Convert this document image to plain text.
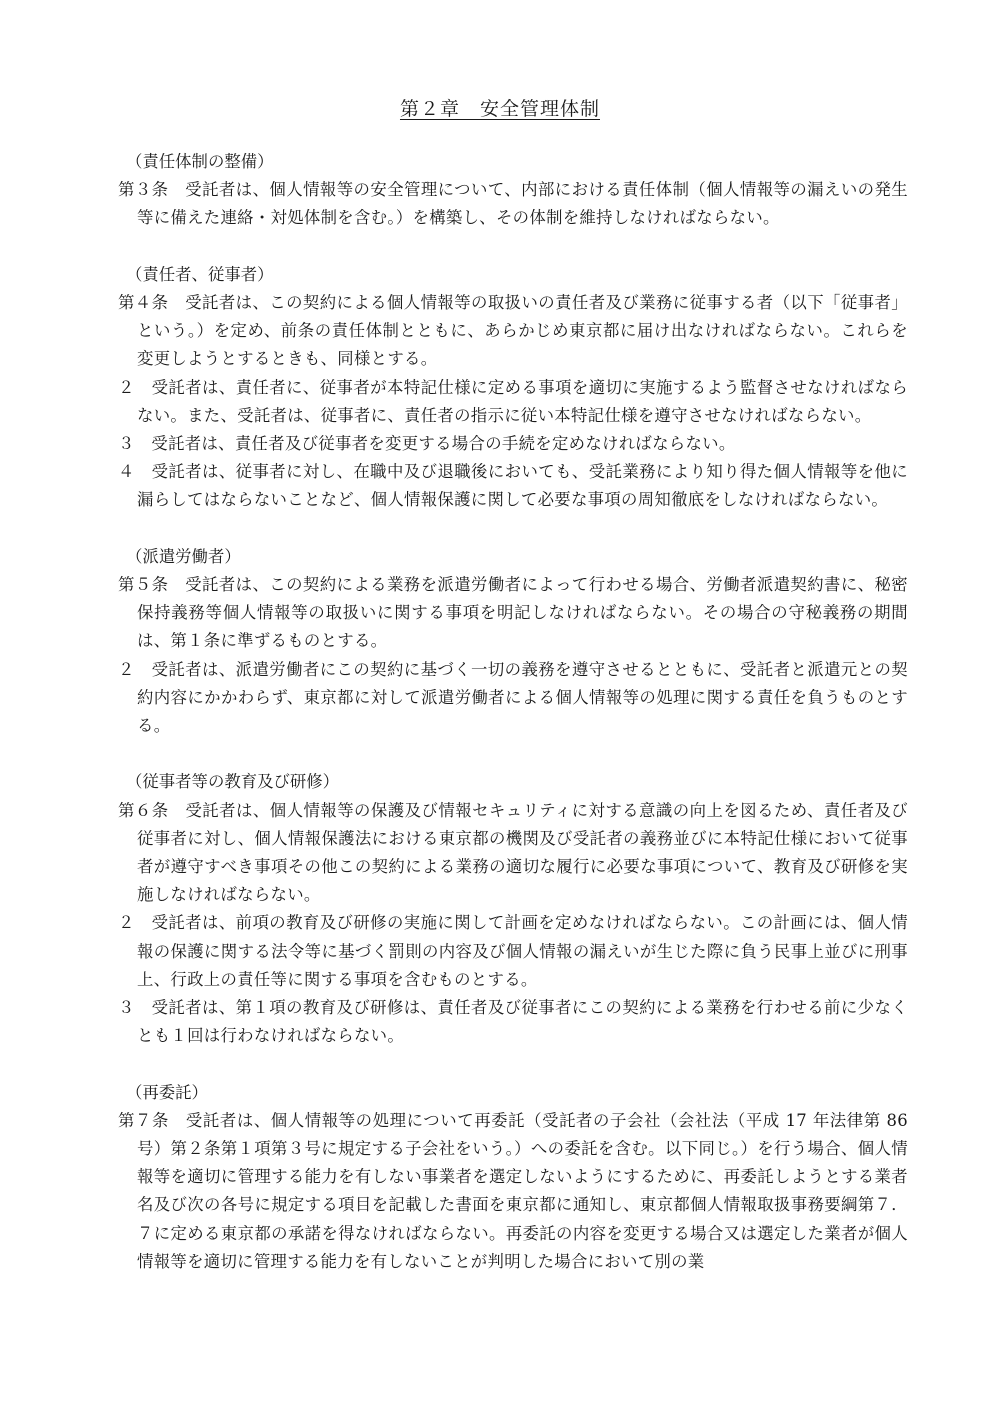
第２章　安全管理体制

（責任体制の整備）

第３条　受託者は、個人情報等の安全管理について、内部における責任体制（個人情報等の漏えいの発生等に備えた連絡・対処体制を含む。）を構築し、その体制を維持しなければならない。

（責任者、従事者）

第４条　受託者は、この契約による個人情報等の取扱いの責任者及び業務に従事する者（以下「従事者」という。）を定め、前条の責任体制とともに、あらかじめ東京都に届け出なければならない。これらを変更しようとするときも、同様とする。

２　受託者は、責任者に、従事者が本特記仕様に定める事項を適切に実施するよう監督させなければならない。また、受託者は、従事者に、責任者の指示に従い本特記仕様を遵守させなければならない。

３　受託者は、責任者及び従事者を変更する場合の手続を定めなければならない。

４　受託者は、従事者に対し、在職中及び退職後においても、受託業務により知り得た個人情報等を他に漏らしてはならないことなど、個人情報保護に関して必要な事項の周知徹底をしなければならない。

（派遣労働者）

第５条　受託者は、この契約による業務を派遣労働者によって行わせる場合、労働者派遣契約書に、秘密保持義務等個人情報等の取扱いに関する事項を明記しなければならない。その場合の守秘義務の期間は、第１条に準ずるものとする。

２　受託者は、派遣労働者にこの契約に基づく一切の義務を遵守させるとともに、受託者と派遣元との契約内容にかかわらず、東京都に対して派遣労働者による個人情報等の処理に関する責任を負うものとする。

（従事者等の教育及び研修）

第６条　受託者は、個人情報等の保護及び情報セキュリティに対する意識の向上を図るため、責任者及び従事者に対し、個人情報保護法における東京都の機関及び受託者の義務並びに本特記仕様において従事者が遵守すべき事項その他この契約による業務の適切な履行に必要な事項について、教育及び研修を実施しなければならない。

２　受託者は、前項の教育及び研修の実施に関して計画を定めなければならない。この計画には、個人情報の保護に関する法令等に基づく罰則の内容及び個人情報の漏えいが生じた際に負う民事上並びに刑事上、行政上の責任等に関する事項を含むものとする。

３　受託者は、第１項の教育及び研修は、責任者及び従事者にこの契約による業務を行わせる前に少なくとも１回は行わなければならない。

（再委託）

第７条　受託者は、個人情報等の処理について再委託（受託者の子会社（会社法（平成 17 年法律第 86 号）第２条第１項第３号に規定する子会社をいう。）への委託を含む。以下同じ。）を行う場合、個人情報等を適切に管理する能力を有しない事業者を選定しないようにするために、再委託しようとする業者名及び次の各号に規定する項目を記載した書面を東京都に通知し、東京都個人情報取扱事務要綱第７．７に定める東京都の承諾を得なければならない。再委託の内容を変更する場合又は選定した業者が個人情報等を適切に管理する能力を有しないことが判明した場合において別の業
